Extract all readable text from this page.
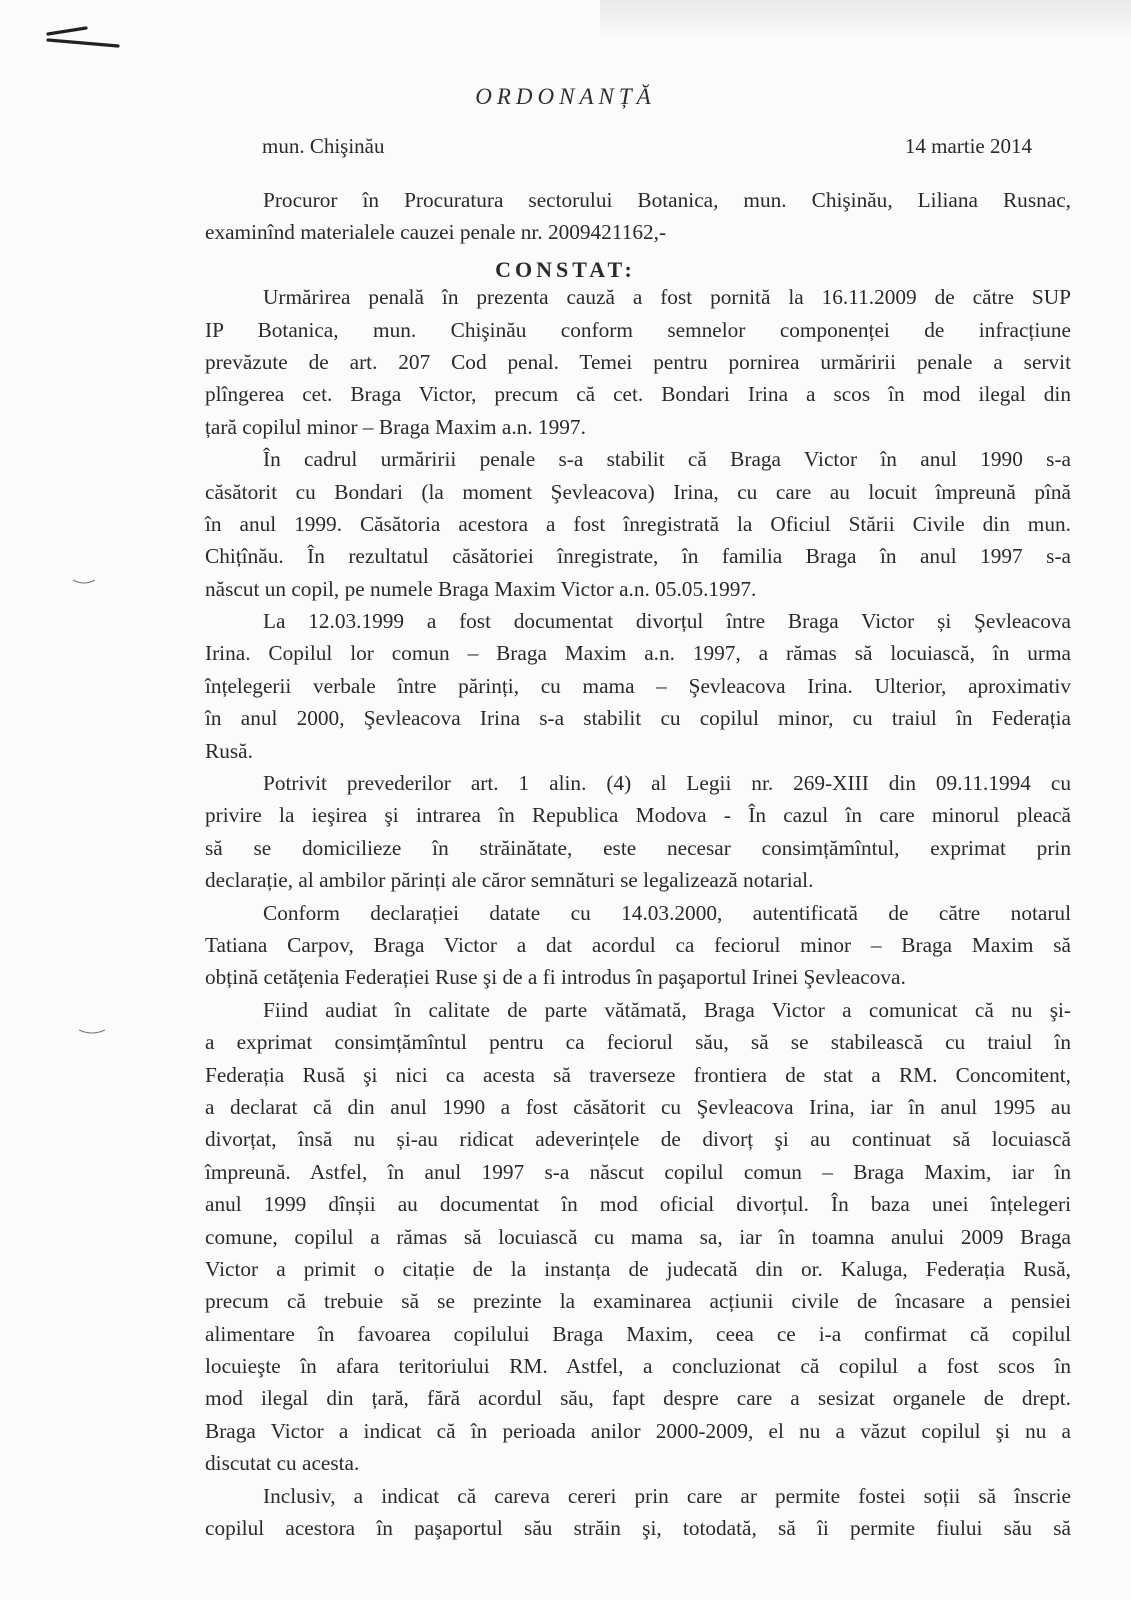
ORDONANȚĂ
mun. Chişinău	14 martie 2014
CONSTAT:
Procuror în Procuratura sectorului Botanica, mun. Chişinău, Liliana Rusnac,
examinînd materialele cauzei penale nr. 2009421162,-
Urmărirea penală în prezenta cauză a fost pornită la 16.11.2009 de către SUP
IP Botanica, mun. Chişinău conform semnelor componenței de infracțiune
prevăzute de art. 207 Cod penal. Temei pentru pornirea urmăririi penale a servit
plîngerea cet. Braga Victor, precum că cet. Bondari Irina a scos în mod ilegal din
țară copilul minor – Braga Maxim a.n. 1997.
În cadrul urmăririi penale s-a stabilit că Braga Victor în anul 1990 s-a
căsătorit cu Bondari (la moment Şevleacova) Irina, cu care au locuit împreună pînă
în anul 1999. Căsătoria acestora a fost înregistrată la Oficiul Stării Civile din mun.
Chițînău. În rezultatul căsătoriei înregistrate, în familia Braga în anul 1997 s-a
născut un copil, pe numele Braga Maxim Victor a.n. 05.05.1997.
La 12.03.1999 a fost documentat divorțul între Braga Victor și Şevleacova
Irina. Copilul lor comun – Braga Maxim a.n. 1997, a rămas să locuiască, în urma
înțelegerii verbale între părinți, cu mama – Şevleacova Irina. Ulterior, aproximativ
în anul 2000, Şevleacova Irina s-a stabilit cu copilul minor, cu traiul în Federația
Rusă.
Potrivit prevederilor art. 1 alin. (4) al Legii nr. 269-XIII din 09.11.1994 cu
privire la ieşirea şi intrarea în Republica Modova - În cazul în care minorul pleacă
să se domicilieze în străinătate, este necesar consimțămîntul, exprimat prin
declarație, al ambilor părinți ale căror semnături se legalizează notarial.
Conform declarației datate cu 14.03.2000, autentificată de către notarul
Tatiana Carpov, Braga Victor a dat acordul ca feciorul minor – Braga Maxim să
obțină cetățenia Federației Ruse şi de a fi introdus în paşaportul Irinei Şevleacova.
Fiind audiat în calitate de parte vătămată, Braga Victor a comunicat că nu şi-
a exprimat consimțămîntul pentru ca feciorul său, să se stabilească cu traiul în
Federația Rusă şi nici ca acesta să traverseze frontiera de stat a RM. Concomitent,
a declarat că din anul 1990 a fost căsătorit cu Şevleacova Irina, iar în anul 1995 au
divorțat, însă nu și-au ridicat adeverințele de divorț şi au continuat să locuiască
împreună. Astfel, în anul 1997 s-a născut copilul comun – Braga Maxim, iar în
anul 1999 dînșii au documentat în mod oficial divorțul. În baza unei înțelegeri
comune, copilul a rămas să locuiască cu mama sa, iar în toamna anului 2009 Braga
Victor a primit o citație de la instanța de judecată din or. Kaluga, Federația Rusă,
precum că trebuie să se prezinte la examinarea acțiunii civile de încasare a pensiei
alimentare în favoarea copilului Braga Maxim, ceea ce i-a confirmat că copilul
locuieşte în afara teritoriului RM. Astfel, a concluzionat că copilul a fost scos în
mod ilegal din țară, fără acordul său, fapt despre care a sesizat organele de drept.
Braga Victor a indicat că în perioada anilor 2000-2009, el nu a văzut copilul şi nu a
discutat cu acesta.
Inclusiv, a indicat că careva cereri prin care ar permite fostei soții să înscrie
copilul acestora în paşaportul său străin şi, totodată, să îi permite fiului său să
